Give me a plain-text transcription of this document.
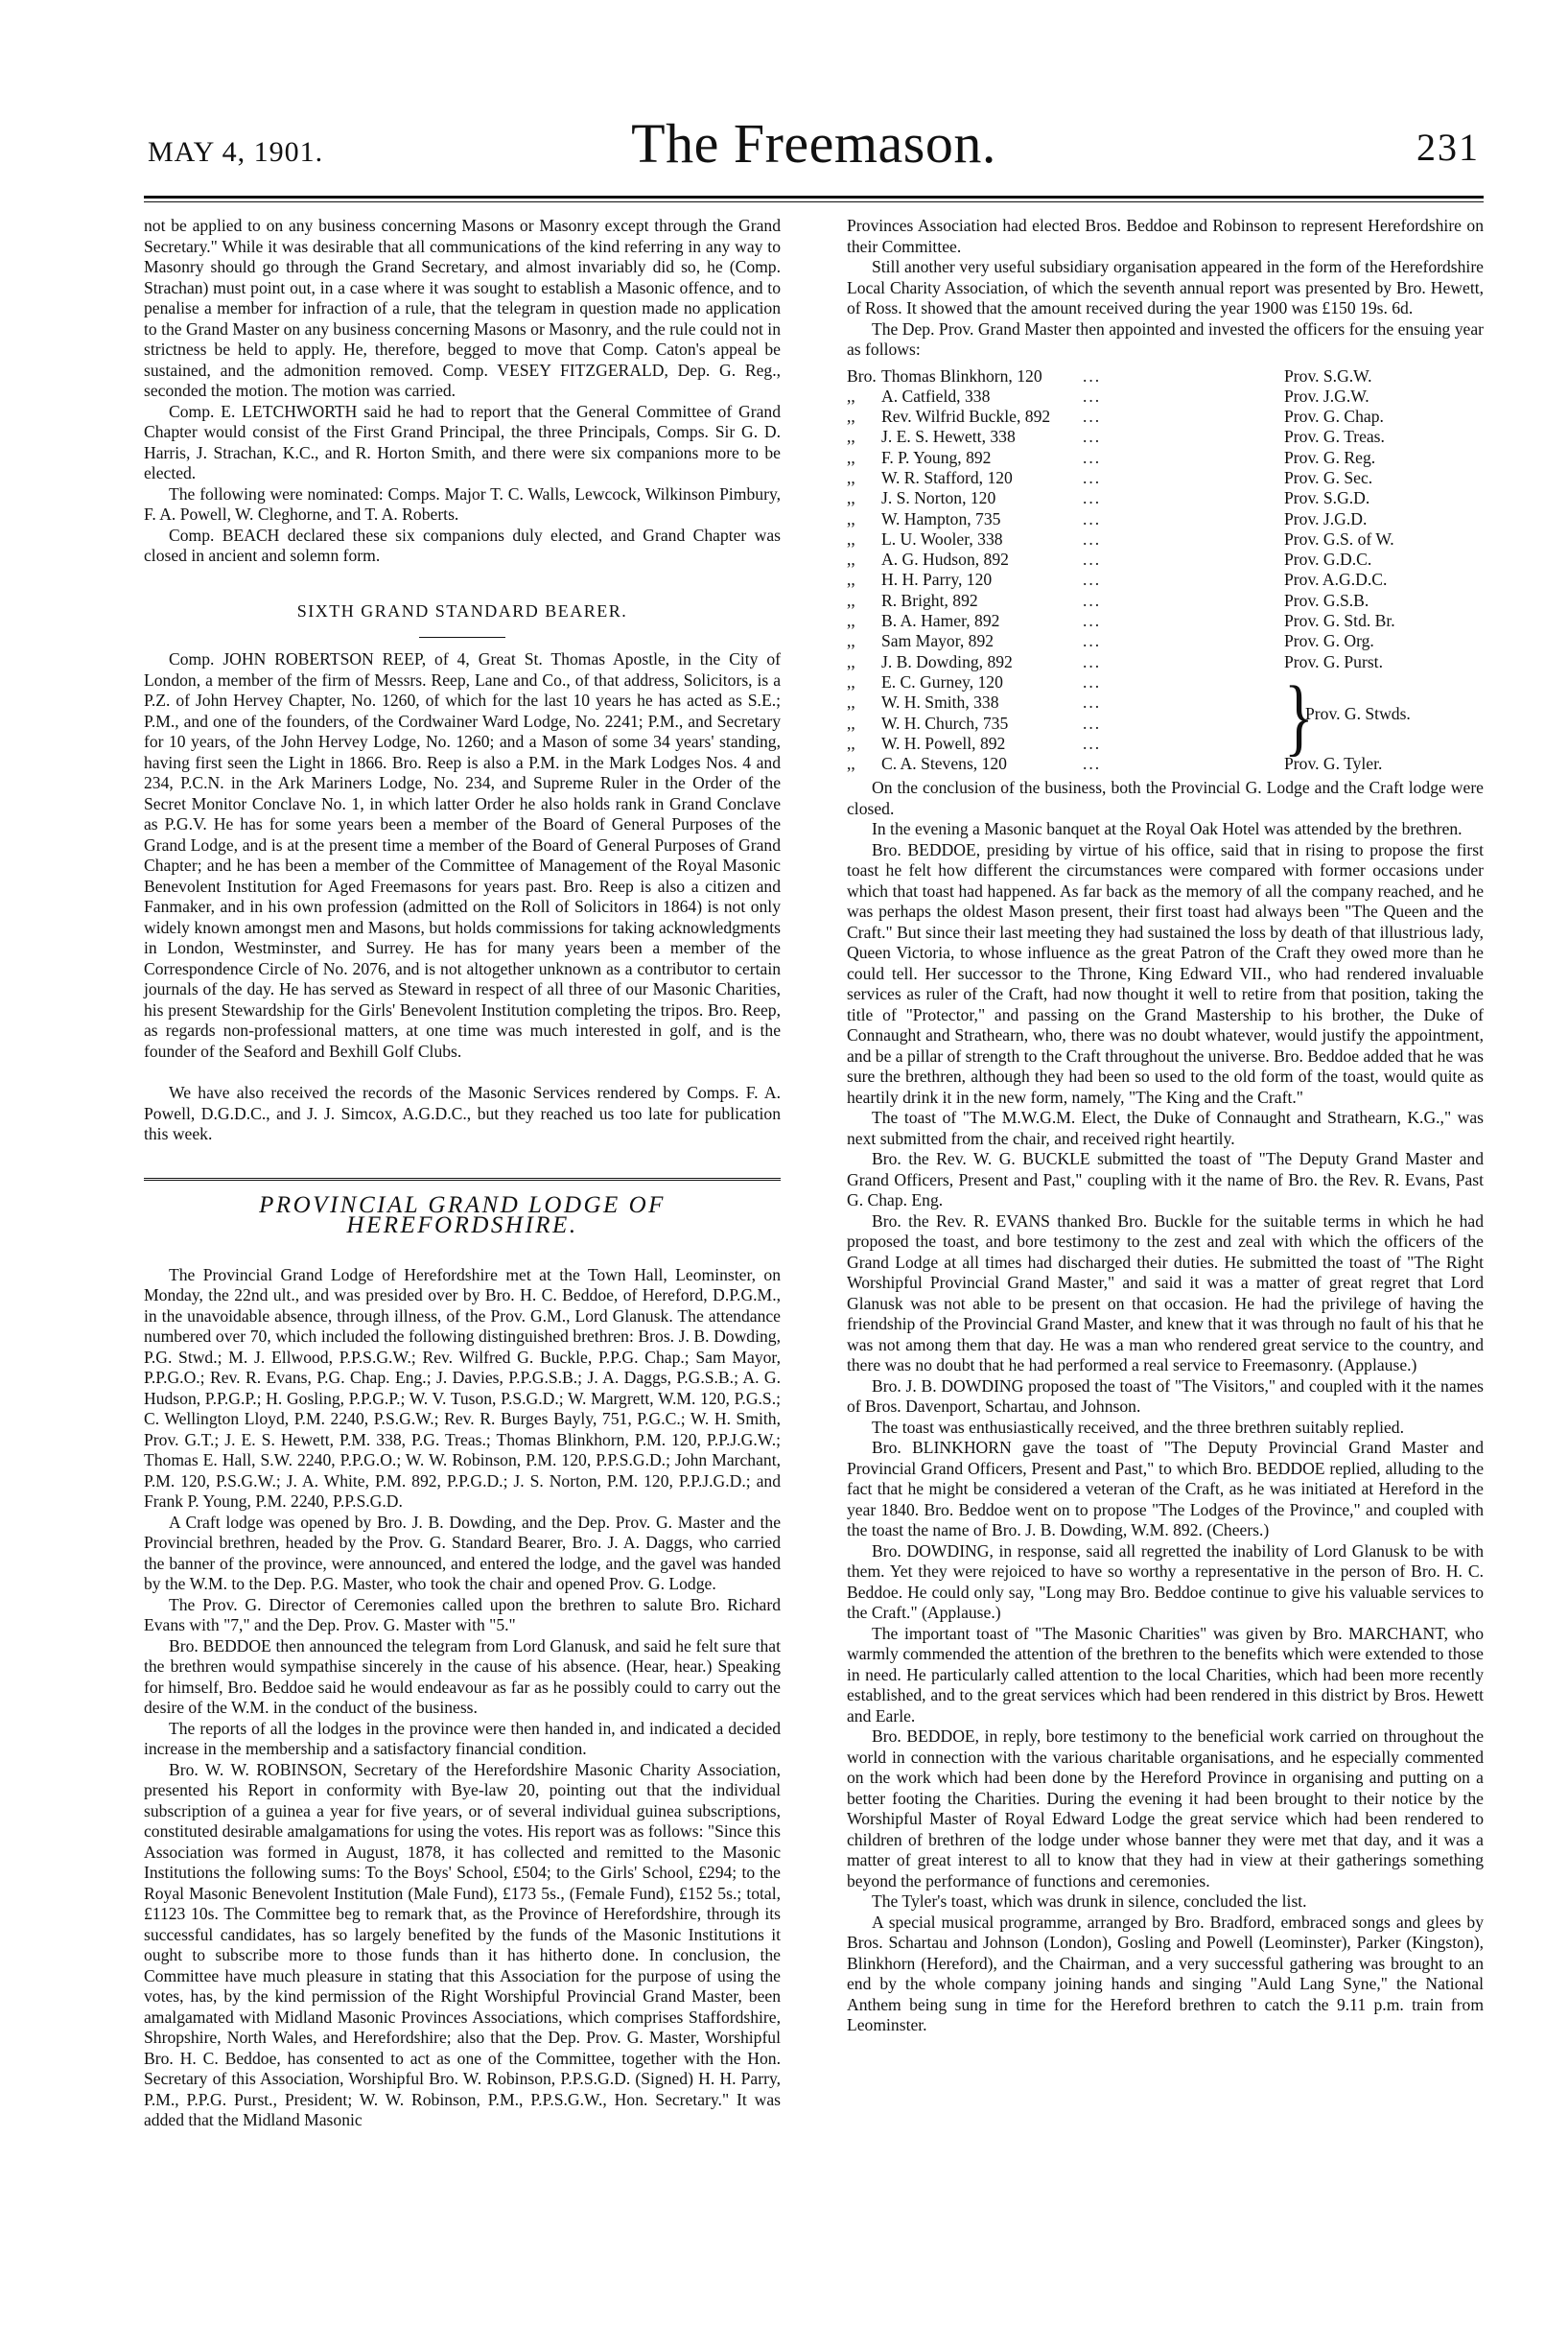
MAY 4, 1901.	The Freemason.	231

not be applied to on any business concerning Masons or Masonry except through the Grand Secretary." While it was desirable that all communications of the kind referring in any way to Masonry should go through the Grand Secretary, and almost invariably did so, he (Comp. Strachan) must point out, in a case where it was sought to establish a Masonic offence, and to penalise a member for infraction of a rule, that the telegram in question made no application to the Grand Master on any business concerning Masons or Masonry, and the rule could not in strictness be held to apply. He, therefore, begged to move that Comp. Caton's appeal be sustained, and the admonition removed. Comp. VESEY FITZGERALD, Dep. G. Reg., seconded the motion. The motion was carried.

Comp. E. LETCHWORTH said he had to report that the General Committee of Grand Chapter would consist of the First Grand Principal, the three Principals, Comps. Sir G. D. Harris, J. Strachan, K.C., and R. Horton Smith, and there were six companions more to be elected.

The following were nominated: Comps. Major T. C. Walls, Lewcock, Wilkinson Pimbury, F. A. Powell, W. Cleghorne, and T. A. Roberts.

Comp. BEACH declared these six companions duly elected, and Grand Chapter was closed in ancient and solemn form.

SIXTH GRAND STANDARD BEARER.

Comp. JOHN ROBERTSON REEP, of 4, Great St. Thomas Apostle, in the City of London, a member of the firm of Messrs. Reep, Lane and Co., of that address, Solicitors, is a P.Z. of John Hervey Chapter, No. 1260, of which for the last 10 years he has acted as S.E.; P.M., and one of the founders, of the Cordwainer Ward Lodge, No. 2241; P.M., and Secretary for 10 years, of the John Hervey Lodge, No. 1260; and a Mason of some 34 years' standing, having first seen the Light in 1866. Bro. Reep is also a P.M. in the Mark Lodges Nos. 4 and 234, P.C.N. in the Ark Mariners Lodge, No. 234, and Supreme Ruler in the Order of the Secret Monitor Conclave No. 1, in which latter Order he also holds rank in Grand Conclave as P.G.V. He has for some years been a member of the Board of General Purposes of the Grand Lodge, and is at the present time a member of the Board of General Purposes of Grand Chapter; and he has been a member of the Committee of Management of the Royal Masonic Benevolent Institution for Aged Freemasons for years past. Bro. Reep is also a citizen and Fanmaker, and in his own profession (admitted on the Roll of Solicitors in 1864) is not only widely known amongst men and Masons, but holds commissions for taking acknowledgments in London, Westminster, and Surrey. He has for many years been a member of the Correspondence Circle of No. 2076, and is not altogether unknown as a contributor to certain journals of the day. He has served as Steward in respect of all three of our Masonic Charities, his present Stewardship for the Girls' Benevolent Institution completing the tripos. Bro. Reep, as regards non-professional matters, at one time was much interested in golf, and is the founder of the Seaford and Bexhill Golf Clubs.

We have also received the records of the Masonic Services rendered by Comps. F. A. Powell, D.G.D.C., and J. J. Simcox, A.G.D.C., but they reached us too late for publication this week.

PROVINCIAL GRAND LODGE OF HEREFORDSHIRE.

The Provincial Grand Lodge of Herefordshire met at the Town Hall, Leominster, on Monday, the 22nd ult., and was presided over by Bro. H. C. Beddoe, of Hereford, D.P.G.M., in the unavoidable absence, through illness, of the Prov. G.M., Lord Glanusk. The attendance numbered over 70, which included the following distinguished brethren: Bros. J. B. Dowding, P.G. Stwd.; M. J. Ellwood, P.P.S.G.W.; Rev. Wilfred G. Buckle, P.P.G. Chap.; Sam Mayor, P.P.G.O.; Rev. R. Evans, P.G. Chap. Eng.; J. Davies, P.P.G.S.B.; J. A. Daggs, P.G.S.B.; A. G. Hudson, P.P.G.P.; H. Gosling, P.P.G.P.; W. V. Tuson, P.S.G.D.; W. Margrett, W.M. 120, P.G.S.; C. Wellington Lloyd, P.M. 2240, P.S.G.W.; Rev. R. Burges Bayly, 751, P.G.C.; W. H. Smith, Prov. G.T.; J. E. S. Hewett, P.M. 338, P.G. Treas.; Thomas Blinkhorn, P.M. 120, P.P.J.G.W.; Thomas E. Hall, S.W. 2240, P.P.G.O.; W. W. Robinson, P.M. 120, P.P.S.G.D.; John Marchant, P.M. 120, P.S.G.W.; J. A. White, P.M. 892, P.P.G.D.; J. S. Norton, P.M. 120, P.P.J.G.D.; and Frank P. Young, P.M. 2240, P.P.S.G.D.

A Craft lodge was opened by Bro. J. B. Dowding, and the Dep. Prov. G. Master and the Provincial brethren, headed by the Prov. G. Standard Bearer, Bro. J. A. Daggs, who carried the banner of the province, were announced, and entered the lodge, and the gavel was handed by the W.M. to the Dep. P.G. Master, who took the chair and opened Prov. G. Lodge.

The Prov. G. Director of Ceremonies called upon the brethren to salute Bro. Richard Evans with "7," and the Dep. Prov. G. Master with "5."

Bro. BEDDOE then announced the telegram from Lord Glanusk, and said he felt sure that the brethren would sympathise sincerely in the cause of his absence. (Hear, hear.) Speaking for himself, Bro. Beddoe said he would endeavour as far as he possibly could to carry out the desire of the W.M. in the conduct of the business.

The reports of all the lodges in the province were then handed in, and indicated a decided increase in the membership and a satisfactory financial condition.

Bro. W. W. ROBINSON, Secretary of the Herefordshire Masonic Charity Association, presented his Report in conformity with Bye-law 20, pointing out that the individual subscription of a guinea a year for five years, or of several individual guinea subscriptions, constituted desirable amalgamations for using the votes. His report was as follows: "Since this Association was formed in August, 1878, it has collected and remitted to the Masonic Institutions the following sums: To the Boys' School, £504; to the Girls' School, £294; to the Royal Masonic Benevolent Institution (Male Fund), £173 5s., (Female Fund), £152 5s.; total, £1123 10s. The Committee beg to remark that, as the Province of Herefordshire, through its successful candidates, has so largely benefited by the funds of the Masonic Institutions it ought to subscribe more to those funds than it has hitherto done. In conclusion, the Committee have much pleasure in stating that this Association for the purpose of using the votes, has, by the kind permission of the Right Worshipful Provincial Grand Master, been amalgamated with Midland Masonic Provinces Associations, which comprises Staffordshire, Shropshire, North Wales, and Herefordshire; also that the Dep. Prov. G. Master, Worshipful Bro. H. C. Beddoe, has consented to act as one of the Committee, together with the Hon. Secretary of this Association, Worshipful Bro. W. Robinson, P.P.S.G.D. (Signed) H. H. Parry, P.M., P.P.G. Purst., President; W. W. Robinson, P.M., P.P.S.G.W., Hon. Secretary." It was added that the Midland Masonic

Provinces Association had elected Bros. Beddoe and Robinson to represent Herefordshire on their Committee.

Still another very useful subsidiary organisation appeared in the form of the Herefordshire Local Charity Association, of which the seventh annual report was presented by Bro. Hewett, of Ross. It showed that the amount received during the year 1900 was £150 19s. 6d.

The Dep. Prov. Grand Master then appointed and invested the officers for the ensuing year as follows:

Bro. Thomas Blinkhorn, 120	...	Prov. S.G.W.
,,	A. Catfield, 338	...	Prov. J.G.W.
,,	Rev. Wilfrid Buckle, 892	...	Prov. G. Chap.
,,	J. E. S. Hewett, 338	...	Prov. G. Treas.
,,	F. P. Young, 892	...	Prov. G. Reg.
,,	W. R. Stafford, 120	...	Prov. G. Sec.
,,	J. S. Norton, 120	...	Prov. S.G.D.
,,	W. Hampton, 735	...	Prov. J.G.D.
,,	L. U. Wooler, 338	...	Prov. G.S. of W.
,,	A. G. Hudson, 892	...	Prov. G.D.C.
,,	H. H. Parry, 120	...	Prov. A.G.D.C.
,,	R. Bright, 892	...	Prov. G.S.B.
,,	B. A. Hamer, 892	...	Prov. G. Std. Br.
,,	Sam Mayor, 892	...	Prov. G. Org.
,,	J. B. Dowding, 892	...	Prov. G. Purst.
,,	E. C. Gurney, 120	...
,,	W. H. Smith, 338	...
,,	W. H. Church, 735	...
,,	W. H. Powell, 892	...	}
Prov. G. Stwds.
,,	C. A. Stevens, 120	...	Prov. G. Tyler.

On the conclusion of the business, both the Provincial G. Lodge and the Craft lodge were closed.

In the evening a Masonic banquet at the Royal Oak Hotel was attended by the brethren.

Bro. BEDDOE, presiding by virtue of his office, said that in rising to propose the first toast he felt how different the circumstances were compared with former occasions under which that toast had happened. As far back as the memory of all the company reached, and he was perhaps the oldest Mason present, their first toast had always been "The Queen and the Craft." But since their last meeting they had sustained the loss by death of that illustrious lady, Queen Victoria, to whose influence as the great Patron of the Craft they owed more than he could tell. Her successor to the Throne, King Edward VII., who had rendered invaluable services as ruler of the Craft, had now thought it well to retire from that position, taking the title of "Protector," and passing on the Grand Mastership to his brother, the Duke of Connaught and Strathearn, who, there was no doubt whatever, would justify the appointment, and be a pillar of strength to the Craft throughout the universe. Bro. Beddoe added that he was sure the brethren, although they had been so used to the old form of the toast, would quite as heartily drink it in the new form, namely, "The King and the Craft."

The toast of "The M.W.G.M. Elect, the Duke of Connaught and Strathearn, K.G.," was next submitted from the chair, and received right heartily.

Bro. the Rev. W. G. BUCKLE submitted the toast of "The Deputy Grand Master and Grand Officers, Present and Past," coupling with it the name of Bro. the Rev. R. Evans, Past G. Chap. Eng.

Bro. the Rev. R. EVANS thanked Bro. Buckle for the suitable terms in which he had proposed the toast, and bore testimony to the zest and zeal with which the officers of the Grand Lodge at all times had discharged their duties. He submitted the toast of "The Right Worshipful Provincial Grand Master," and said it was a matter of great regret that Lord Glanusk was not able to be present on that occasion. He had the privilege of having the friendship of the Provincial Grand Master, and knew that it was through no fault of his that he was not among them that day. He was a man who rendered great service to the country, and there was no doubt that he had performed a real service to Freemasonry. (Applause.)

Bro. J. B. DOWDING proposed the toast of "The Visitors," and coupled with it the names of Bros. Davenport, Schartau, and Johnson.

The toast was enthusiastically received, and the three brethren suitably replied.

Bro. BLINKHORN gave the toast of "The Deputy Provincial Grand Master and Provincial Grand Officers, Present and Past," to which Bro. BEDDOE replied, alluding to the fact that he might be considered a veteran of the Craft, as he was initiated at Hereford in the year 1840. Bro. Beddoe went on to propose "The Lodges of the Province," and coupled with the toast the name of Bro. J. B. Dowding, W.M. 892. (Cheers.)

Bro. DOWDING, in response, said all regretted the inability of Lord Glanusk to be with them. Yet they were rejoiced to have so worthy a representative in the person of Bro. H. C. Beddoe. He could only say, "Long may Bro. Beddoe continue to give his valuable services to the Craft." (Applause.)

The important toast of "The Masonic Charities" was given by Bro. MARCHANT, who warmly commended the attention of the brethren to the benefits which were extended to those in need. He particularly called attention to the local Charities, which had been more recently established, and to the great services which had been rendered in this district by Bros. Hewett and Earle.

Bro. BEDDOE, in reply, bore testimony to the beneficial work carried on throughout the world in connection with the various charitable organisations, and he especially commented on the work which had been done by the Hereford Province in organising and putting on a better footing the Charities. During the evening it had been brought to their notice by the Worshipful Master of Royal Edward Lodge the great service which had been rendered to children of brethren of the lodge under whose banner they were met that day, and it was a matter of great interest to all to know that they had in view at their gatherings something beyond the performance of functions and ceremonies.

The Tyler's toast, which was drunk in silence, concluded the list.

A special musical programme, arranged by Bro. Bradford, embraced songs and glees by Bros. Schartau and Johnson (London), Gosling and Powell (Leominster), Parker (Kingston), Blinkhorn (Hereford), and the Chairman, and a very successful gathering was brought to an end by the whole company joining hands and singing "Auld Lang Syne," the National Anthem being sung in time for the Hereford brethren to catch the 9.11 p.m. train from Leominster.
